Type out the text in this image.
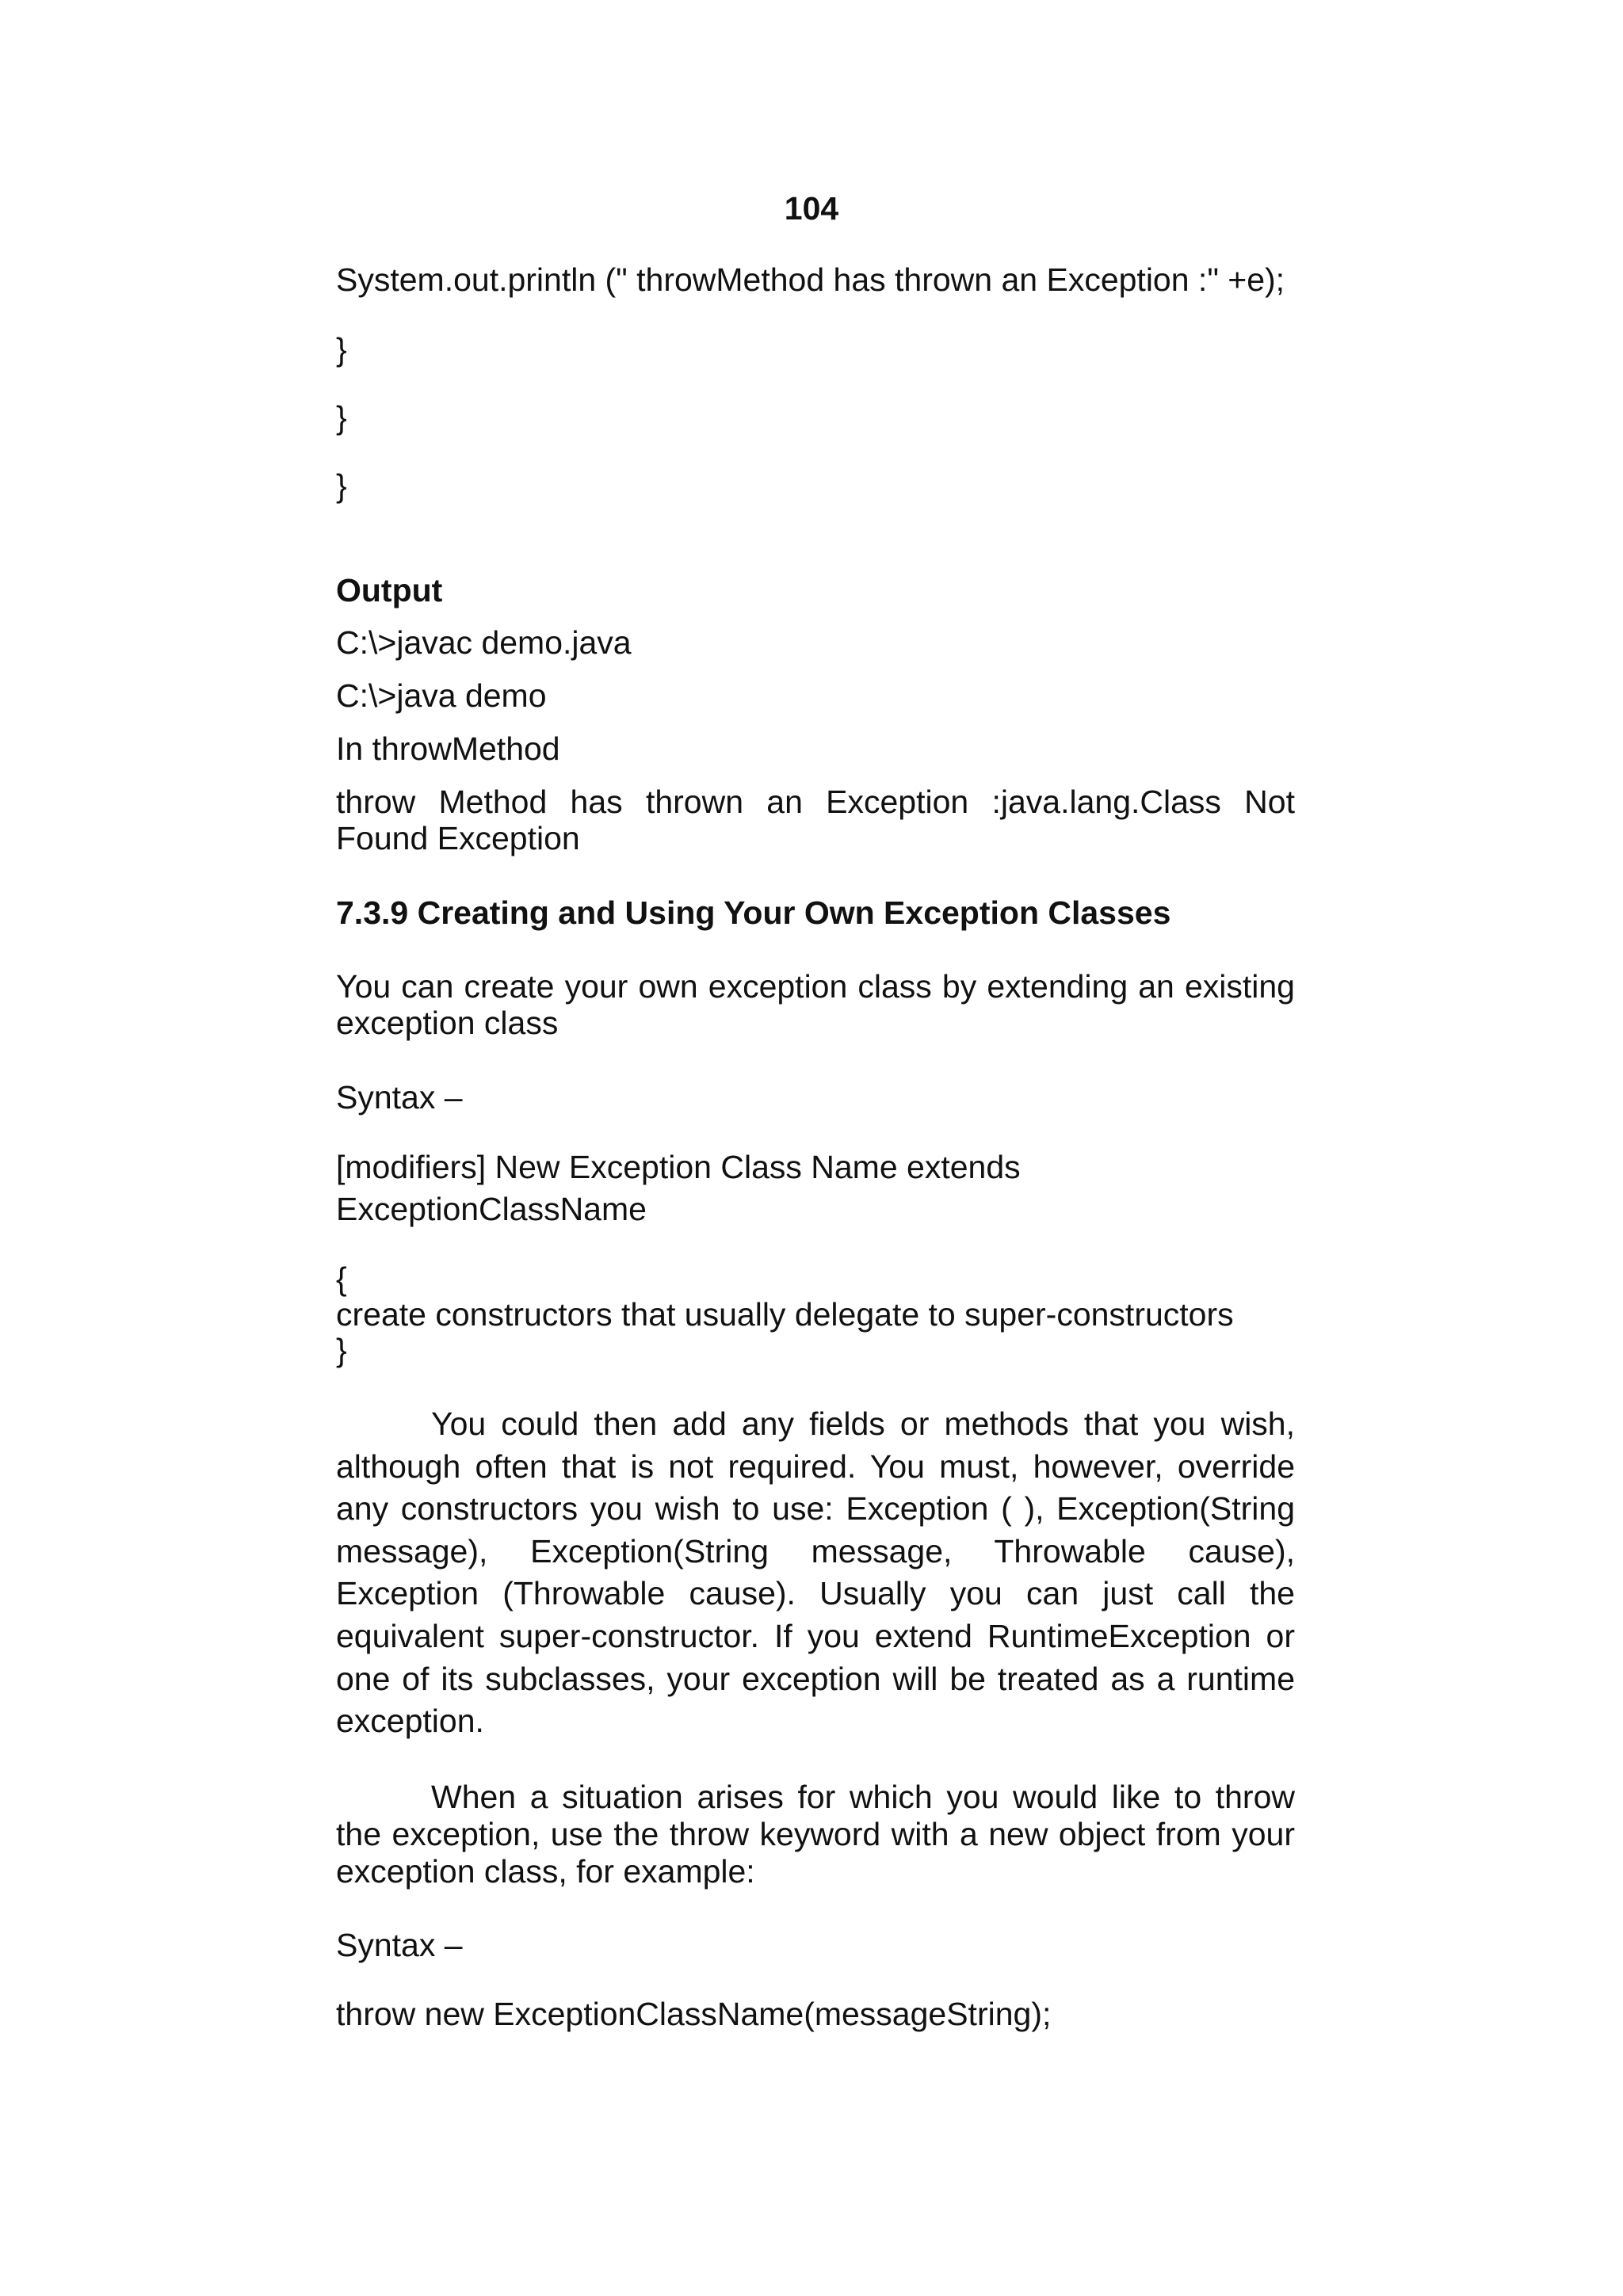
104
System.out.println (" throwMethod has thrown an Exception :" +e);
}
}
}
Output
C:\>javac demo.java
C:\>java demo
In throwMethod
throw Method has thrown an Exception :java.lang.Class Not Found Exception
7.3.9 Creating and Using Your Own Exception Classes
You can create your own exception class by extending an existing exception class
Syntax –
[modifiers] New Exception Class Name extends
ExceptionClassName
{
create constructors that usually delegate to super-constructors
}
You could then add any fields or methods that you wish, although often that is not required. You must, however, override any constructors you wish to use: Exception ( ), Exception(String message), Exception(String message, Throwable cause), Exception (Throwable cause). Usually you can just call the equivalent super-constructor. If you extend RuntimeException or one of its subclasses, your exception will be treated as a runtime exception.
When a situation arises for which you would like to throw the exception, use the throw keyword with a new object from your exception class, for example:
Syntax –
throw new ExceptionClassName(messageString);
